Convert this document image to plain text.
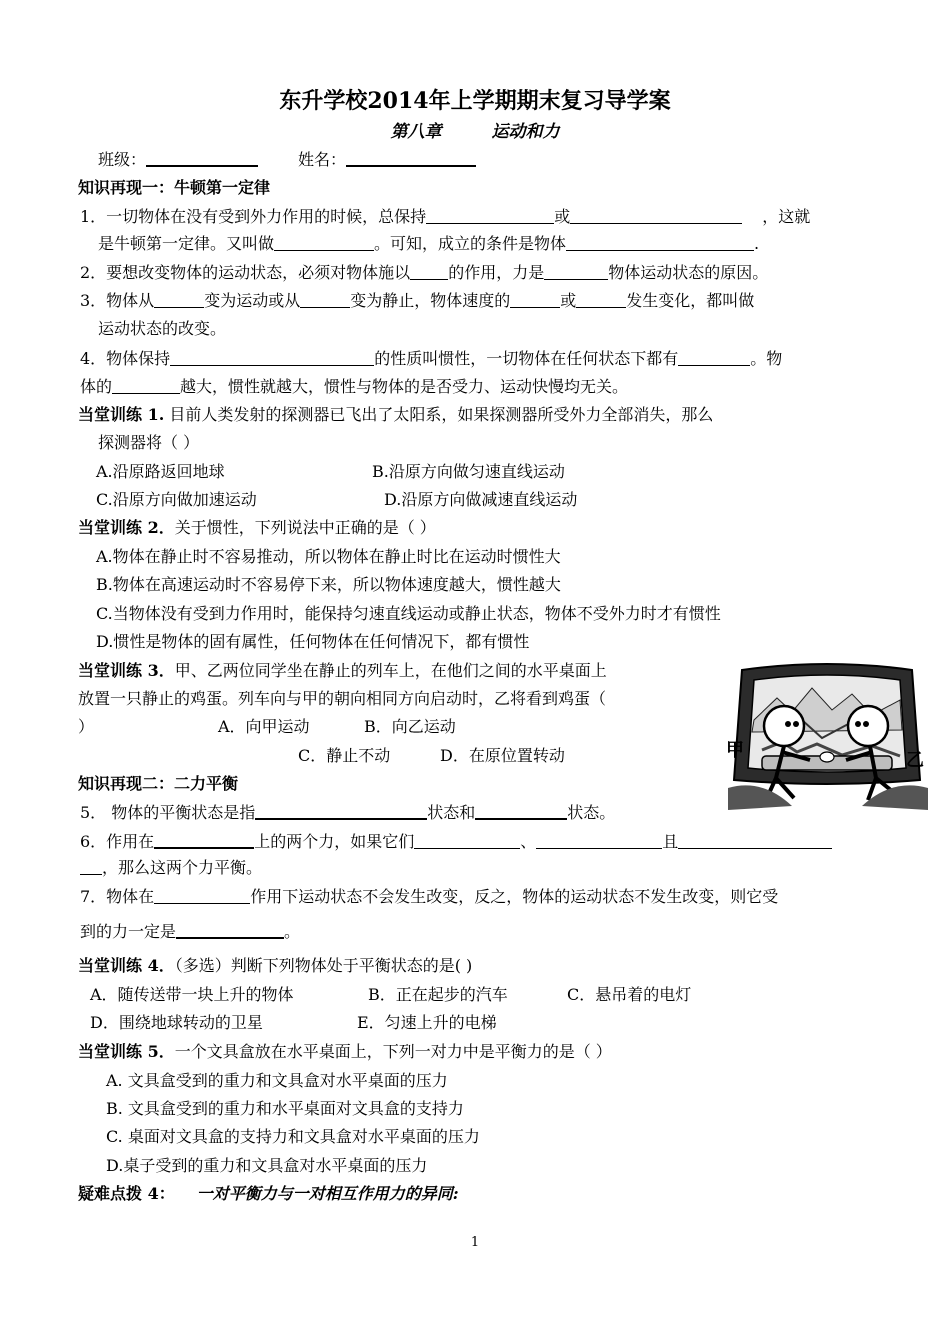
东升学校2014年上学期期末复习导学案
第八章	运动和力
班级：	姓名：
知识再现一：牛顿第一定律
1．一切物体在没有受到外力作用的时候，总保持	或	，这就
是牛顿第一定律。又叫做	。可知，成立的条件是物体	.
2．要想改变物体的运动状态，必须对物体施以 的作用，力是	物体运动状态的原因。
3．物体从	变为运动或从	变为静止，物体速度的	或	发生变化，都叫做
运动状态的改变。
4．物体保持	的性质叫惯性，一切物体在任何状态下都有	。物
体的	越大，惯性就越大，惯性与物体的是否受力、运动快慢均无关。
当堂训练 1. 目前人类发射的探测器已飞出了太阳系，如果探测器所受外力全部消失，那么
探测器将（ ）
A.沿原路返回地球	B.沿原方向做匀速直线运动
C.沿原方向做加速运动	D.沿原方向做减速直线运动
当堂训练 2．关于惯性，下列说法中正确的是（ ）
A.物体在静止时不容易推动，所以物体在静止时比在运动时惯性大
B.物体在高速运动时不容易停下来，所以物体速度越大，惯性越大
C.当物体没有受到力作用时，能保持匀速直线运动或静止状态，物体不受外力时才有惯性
D.惯性是物体的固有属性，任何物体在任何情况下，都有惯性
当堂训练 3．甲、乙两位同学坐在静止的列车上，在他们之间的水平桌面上
放置一只静止的鸡蛋。列车向与甲的朝向相同方向启动时，乙将看到鸡蛋（
）	A．向甲运动	B．向乙运动
C．静止不动	D．在原位置转动	甲	乙
知识再现二：二力平衡
5． 物体的平衡状态是指	状态和	状态。
6．作用在	上的两个力，如果它们	、	且
，那么这两个力平衡。
7．物体在	作用下运动状态不会发生改变，反之，物体的运动状态不发生改变，则它受
到的力一定是	。
当堂训练 4．（多选）判断下列物体处于平衡状态的是( )
A．随传送带一块上升的物体	B．正在起步的汽车	C．悬吊着的电灯
D．围绕地球转动的卫星	E．匀速上升的电梯
当堂训练 5．一个文具盒放在水平桌面上，下列一对力中是平衡力的是（ ）
A. 文具盒受到的重力和文具盒对水平桌面的压力
B. 文具盒受到的重力和水平桌面对文具盒的支持力
C. 桌面对文具盒的支持力和文具盒对水平桌面的压力
D.桌子受到的重力和文具盒对水平桌面的压力
疑难点拨 4： 一对平衡力与一对相互作用力的异同:
1
